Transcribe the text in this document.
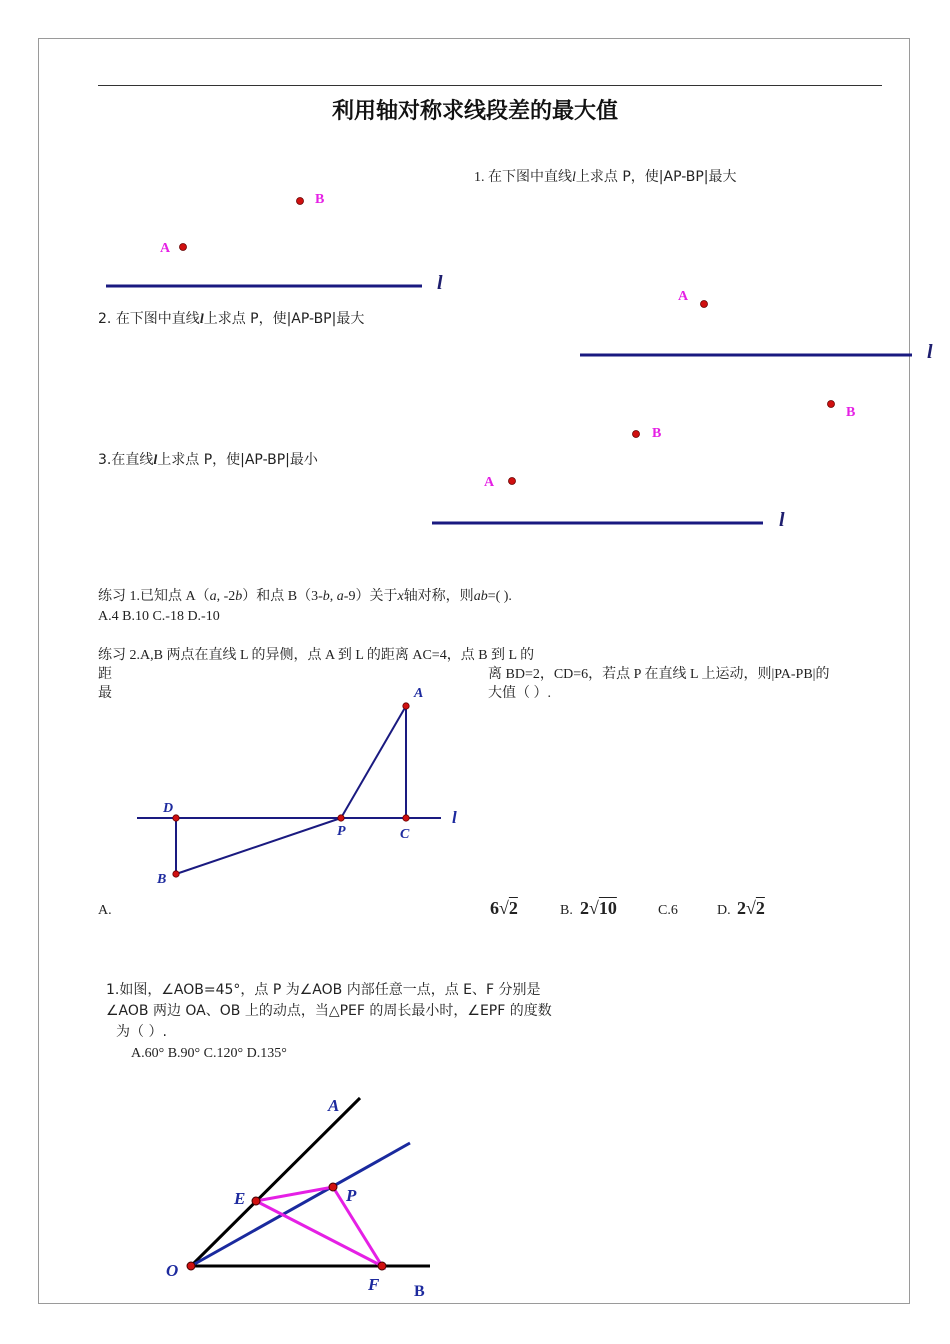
利用轴对称求线段差的最大值
1. 在下图中直线l上求点 P，使|AP-BP|最大
2. 在下图中直线l上求点 P，使|AP-BP|最大
3.在直线l上求点 P，使|AP-BP|最小
练习 1.已知点 A（a, -2b）和点 B（3-b, a-9）关于x轴对称，则ab=( ).
A.4 B.10 C.-18 D.-10
练习 2.A,B 两点在直线 L 的异侧，点 A 到 L 的距离 AC=4，点 B 到 L 的
距	离 BD=2，CD=6，若点 P 在直线 L 上运动，则|PA-PB|的
最	大值（ ）.
A.	6√2	B. 2√10	C.6	D. 2√2
1.如图，∠AOB=45°，点 P 为∠AOB 内部任意一点，点 E、F 分别是
∠AOB 两边 OA、OB 上的动点，当△PEF 的周长最小时，∠EPF 的度数
为（ ）.
A.60° B.90° C.120° D.135°
B
A
l
A
B
l
B
A
l
A
D
P	C
B
l
A
E	P
O
F B
